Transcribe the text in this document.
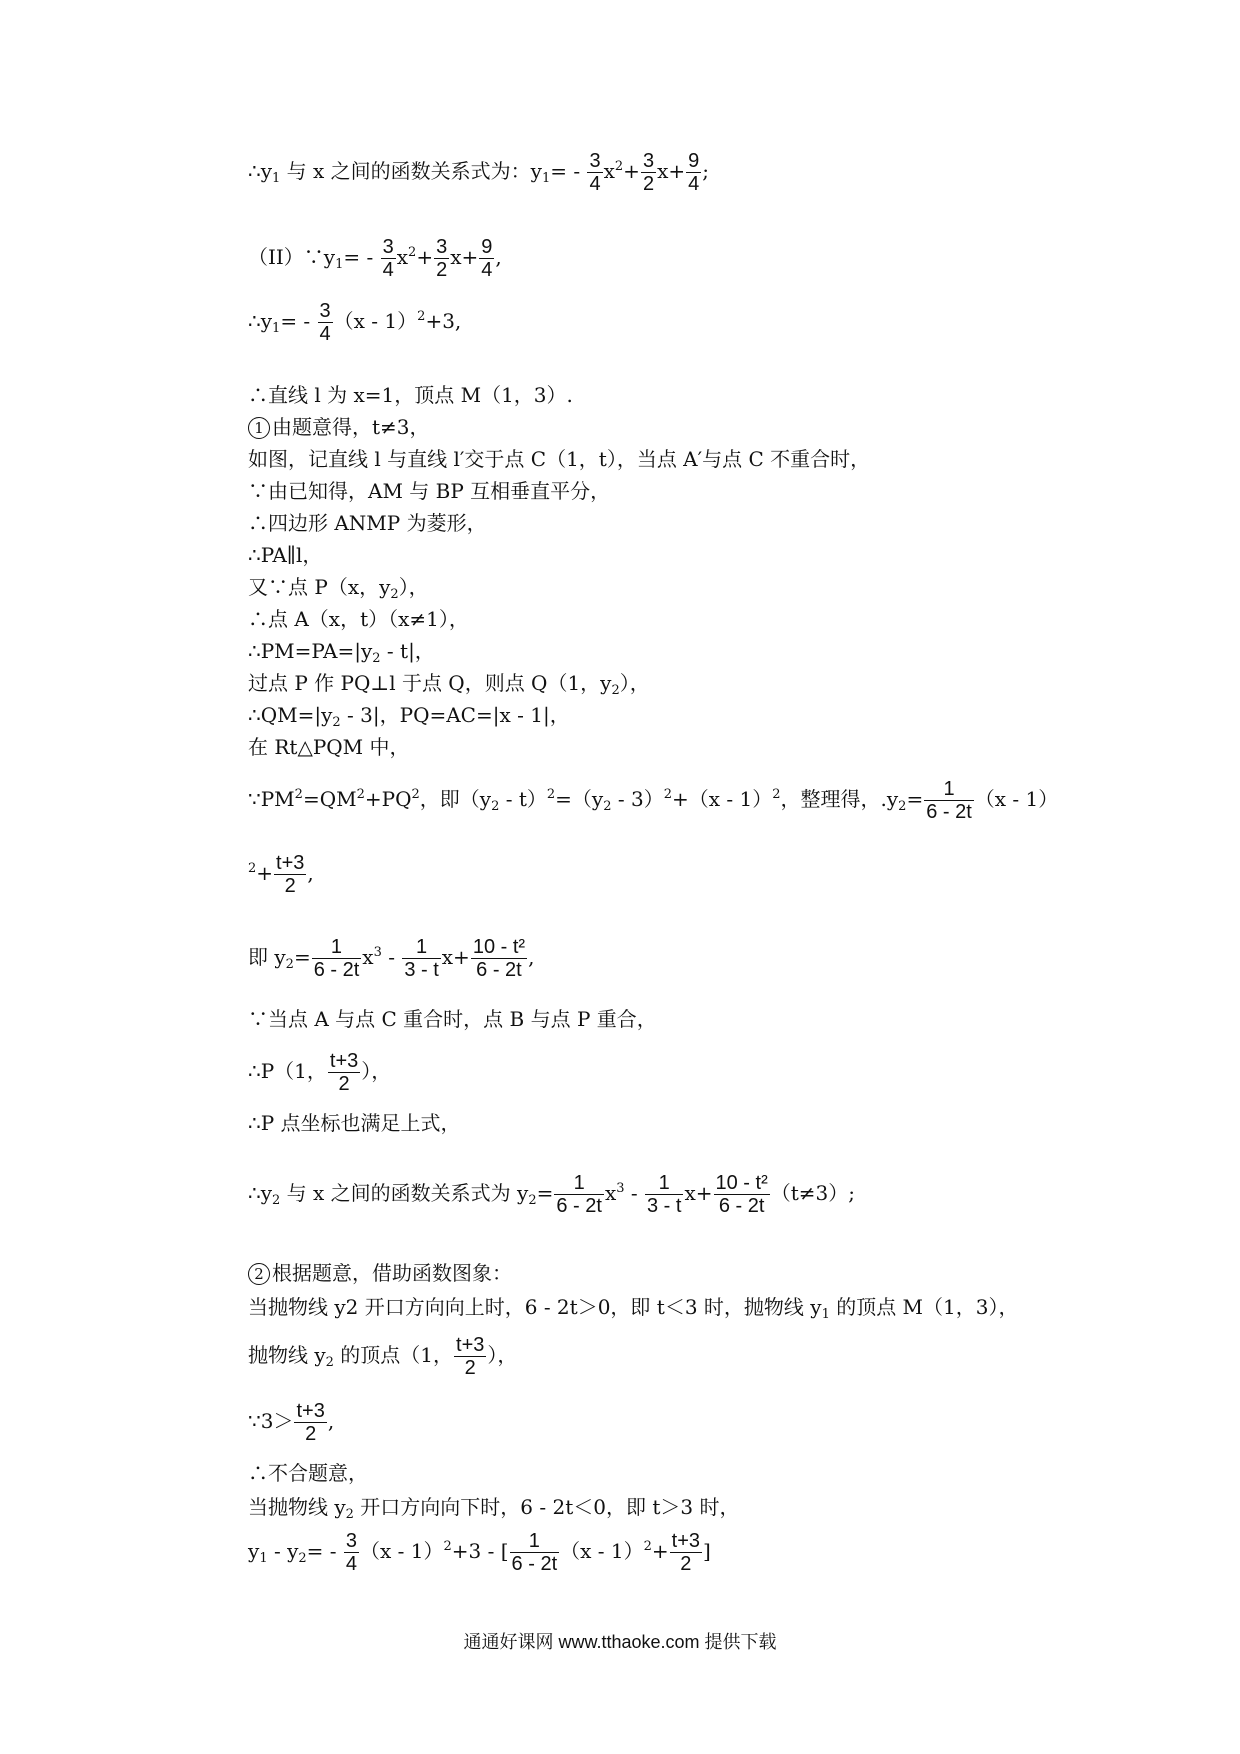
$\therefore y_1$ 与 x 之间的函数关系式为：$y_1= - \frac{3}{4} x^2+ \frac{3}{2} x+ \frac{9}{4}$ ;
$(II)\because y_1= - \frac{3}{4} x^2+ \frac{3}{2} x+ \frac{9}{4}$ ,
$\therefore y_1= - \frac{3}{4} (x - 1)^2+3$,
∴直线 l 为 x=1，顶点 M（1，3）.
1 由题意得，t≠3，
如图，记直线 l 与直线 l′交于点 C（1，t），当点 A′与点 C 不重合时，
∵由已知得，AM 与 BP 互相垂直平分，
∴四边形 ANMP 为菱形，
∴PA∥l，
又∵点 P（x，$y_2$），
∴点 A（x，t）（x≠1），
$\therefore PM=PA=|y_2 - t|$，
过点 P 作 PQ⊥l 于点 Q，则点 Q（1，$y_2$），
$\therefore QM=|y_2 - 3|$，PQ=AC=|x - 1|，
在 Rt△PQM 中，
$\because PM^2=QM^2+PQ^2$，即$(y_2 - t)^2=(y_2 - 3)^2+(x - 1)^2$，整理得，$.y_2= \frac{1}{6 - 2t} (x - 1)$
$^2+ \frac{t+3}{2}$ ,
即 $y_2= \frac{1}{6 - 2t} x^3 - \frac{1}{3 - t} x+ \frac{\text{10 - t²}}{6 - 2t}$ ,
∵当点 A 与点 C 重合时，点 B 与点 P 重合，
∴P（1， $\frac{t+3}{2}$ ），
∴P 点坐标也满足上式，
$\therefore y_2$ 与 x 之间的函数关系式为 $y_2= \frac{1}{6 - 2t} x^3 - \frac{1}{3 - t} x+ \frac{\text{10 - t²}}{6 - 2t} (t\ne 3)$;
2 根据题意，借助函数图象：
当抛物线 y2 开口方向向上时，6 - 2t＞0，即 t＜3 时，抛物线 $y_1$ 的顶点 M（1，3），
抛物线 $y_2$ 的顶点（1， $\frac{t+3}{2}$ ），
∵3＞ $\frac{t+3}{2}$ ,
∴不合题意，
当抛物线 $y_2$ 开口方向向下时，6 - 2t＜0，即 t＞3 时，
$y_1 - y_2= - \frac{3}{4} (x - 1)^2+3$ - [ $\frac{1}{6 - 2t} (x - 1)^2+ \frac{t+3}{2}$ ]
通通好课网 www.tthaoke.com 提供下载
